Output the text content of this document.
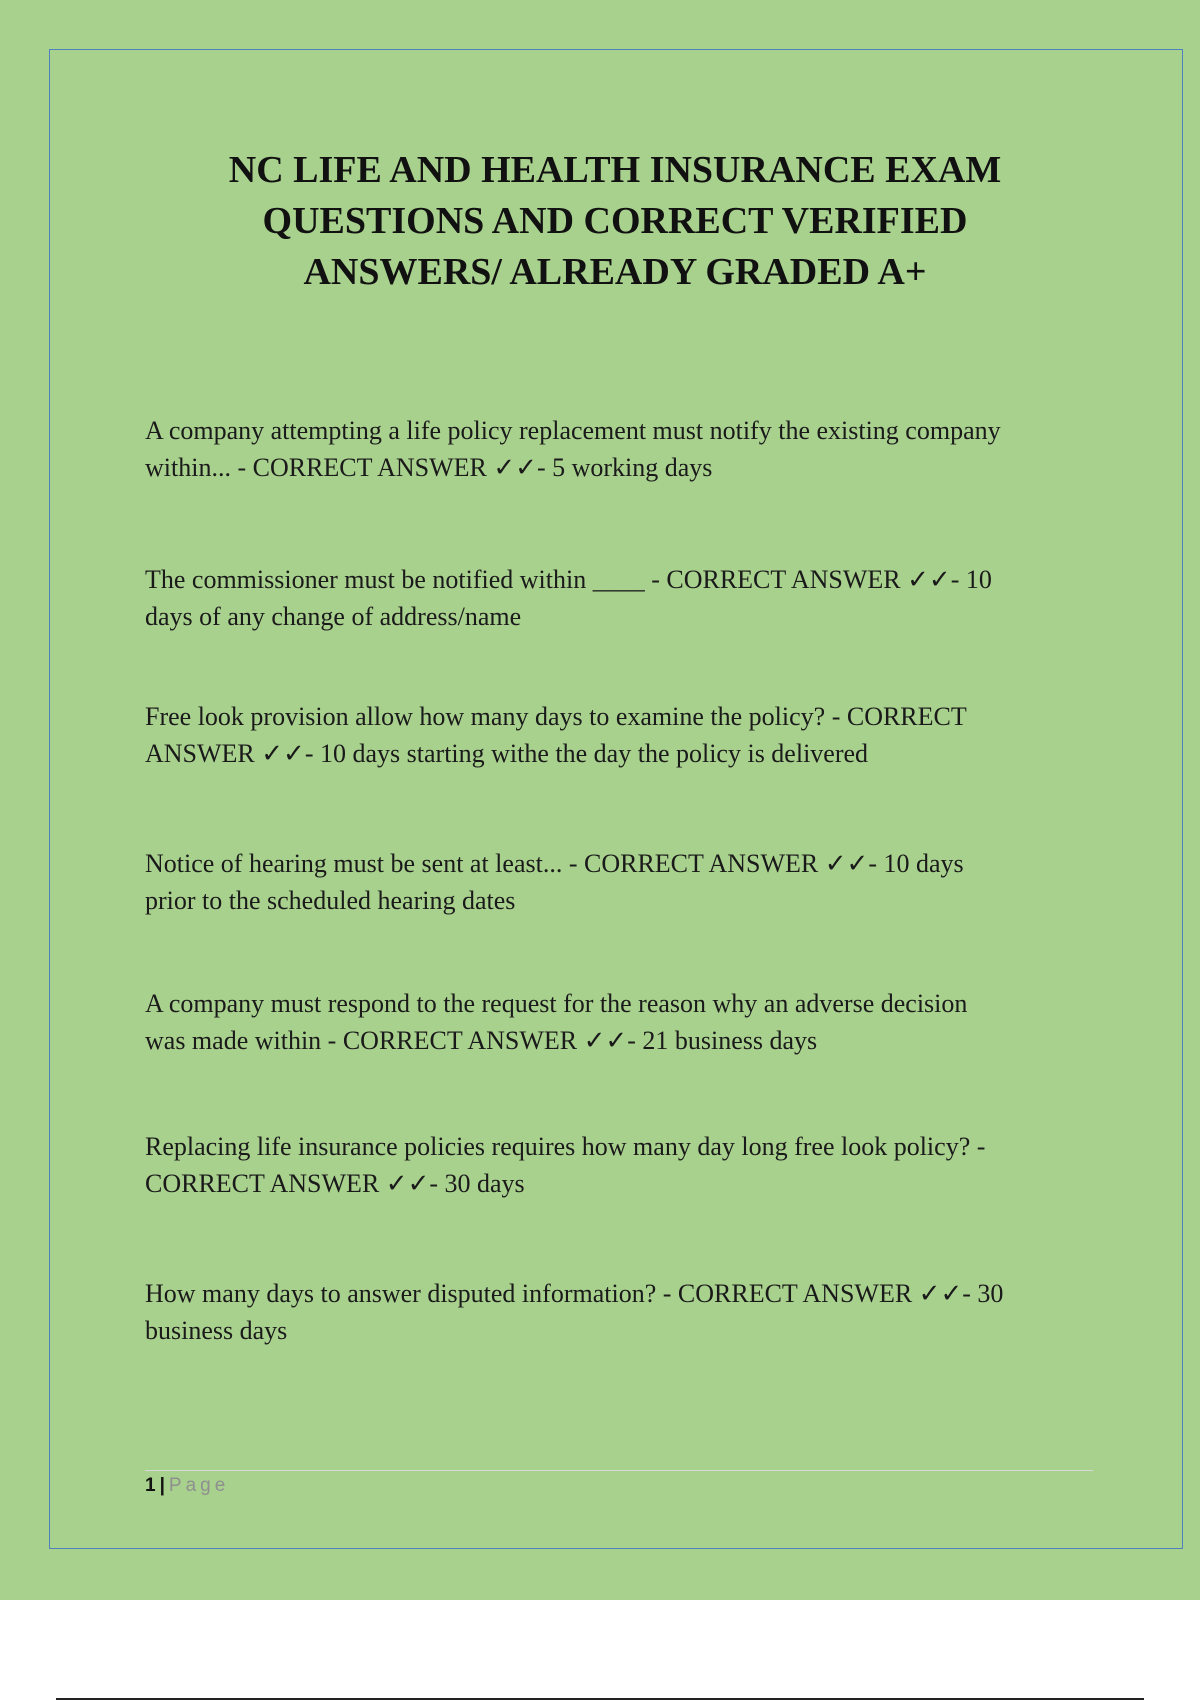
NC LIFE AND HEALTH INSURANCE EXAM
QUESTIONS AND CORRECT VERIFIED
ANSWERS/ ALREADY GRADED A+

A company attempting a life policy replacement must notify the existing company
within... - CORRECT ANSWER ✓✓- 5 working days

The commissioner must be notified within ____ - CORRECT ANSWER ✓✓- 10
days of any change of address/name

Free look provision allow how many days to examine the policy? - CORRECT
ANSWER ✓✓- 10 days starting withe the day the policy is delivered

Notice of hearing must be sent at least... - CORRECT ANSWER ✓✓- 10 days
prior to the scheduled hearing dates

A company must respond to the request for the reason why an adverse decision
was made within - CORRECT ANSWER ✓✓- 21 business days

Replacing life insurance policies requires how many day long free look policy? -
CORRECT ANSWER ✓✓- 30 days

How many days to answer disputed information? - CORRECT ANSWER ✓✓- 30
business days

1 | Page
